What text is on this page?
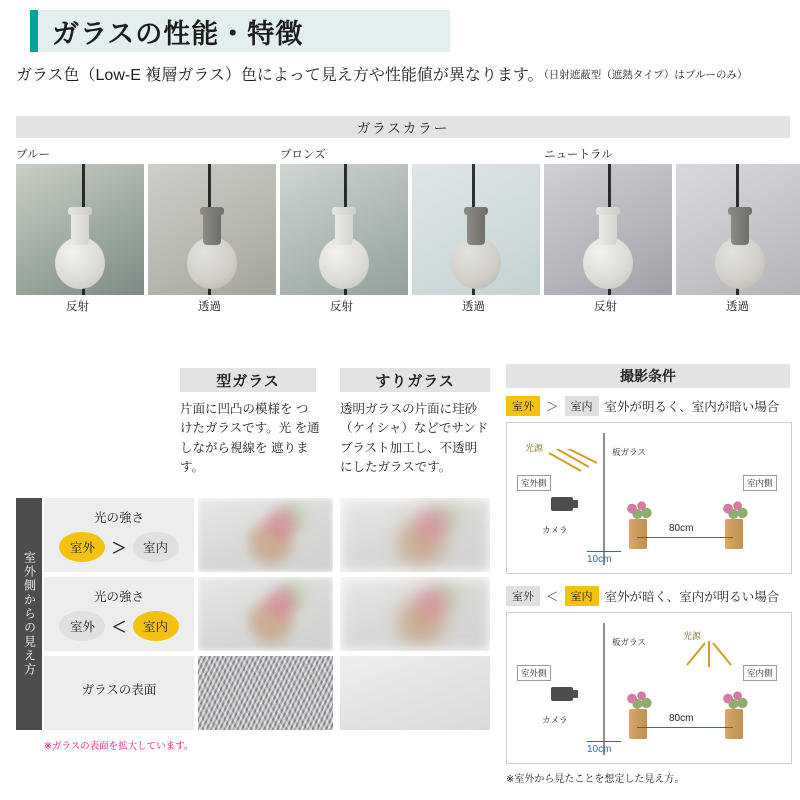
ガラスの性能・特徴
ガラス色（Low-E 複層ガラス）色によって見え方や性能値が異なります。（日射遮蔽型（遮熱タイプ）はブルーのみ）
ガラスカラー
ブルー	ブロンズ	ニュートラル
反射	透過	反射	透過	反射	透過
型ガラス	すりガラス
片面に凹凸の模様を つけたガラスです。光 を通しながら視線を 遮ります。
透明ガラスの片面に珪砂 （ケイシャ）などでサンド ブラスト加工し、不透明 にしたガラスです。
室外側からの見え方
光の強さ
室外	＞	室内
光の強さ
室外	＜	室内
ガラスの表面
※ガラスの表面を拡大しています。
撮影条件
室外 ＞	室内 室外が明るく、室内が暗い場合
板ガラス
光源
室外側	室内側
カメラ
10cm
80cm
室外 ＜	室内 室外が暗く、室内が明るい場合
板ガラス
光源
室外側	室内側
カメラ
10cm
80cm
※室外から見たことを想定した見え方。
